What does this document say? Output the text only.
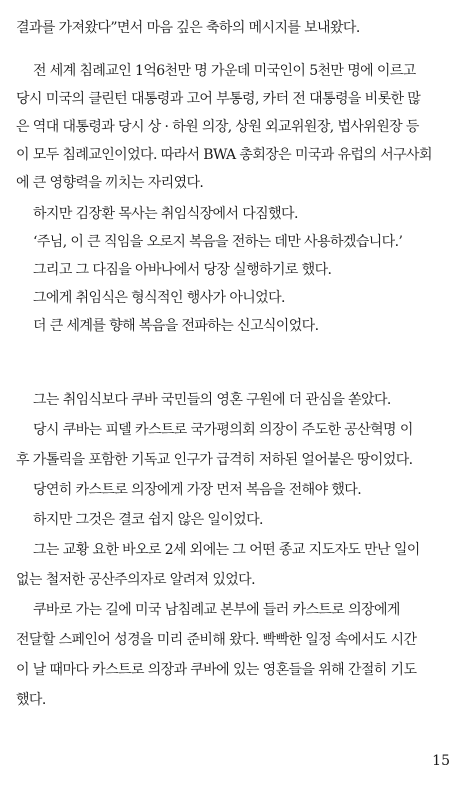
결과를 가져왔다”면서 마음 깊은 축하의 메시지를 보내왔다.
전 세계 침례교인 1억6천만 명 가운데 미국인이 5천만 명에 이르고
당시 미국의 클린턴 대통령과 고어 부통령, 카터 전 대통령을 비롯한 많
은 역대 대통령과 당시 상 · 하원 의장, 상원 외교위원장, 법사위원장 등
이 모두 침례교인이었다. 따라서 BWA 총회장은 미국과 유럽의 서구사회
에 큰 영향력을 끼치는 자리였다.
하지만 김장환 목사는 취임식장에서 다짐했다.
‘주님, 이 큰 직임을 오로지 복음을 전하는 데만 사용하겠습니다.’
그리고 그 다짐을 아바나에서 당장 실행하기로 했다.
그에게 취임식은 형식적인 행사가 아니었다.
더 큰 세계를 향해 복음을 전파하는 신고식이었다.
그는 취임식보다 쿠바 국민들의 영혼 구원에 더 관심을 쏟았다.
당시 쿠바는 피델 카스트로 국가평의회 의장이 주도한 공산혁명 이
후 가톨릭을 포함한 기독교 인구가 급격히 저하된 얼어붙은 땅이었다.
당연히 카스트로 의장에게 가장 먼저 복음을 전해야 했다.
하지만 그것은 결코 쉽지 않은 일이었다.
그는 교황 요한 바오로 2세 외에는 그 어떤 종교 지도자도 만난 일이
없는 철저한 공산주의자로 알려져 있었다.
쿠바로 가는 길에 미국 남침례교 본부에 들러 카스트로 의장에게
전달할 스페인어 성경을 미리 준비해 왔다. 빡빡한 일정 속에서도 시간
이 날 때마다 카스트로 의장과 쿠바에 있는 영혼들을 위해 간절히 기도
했다.
15
